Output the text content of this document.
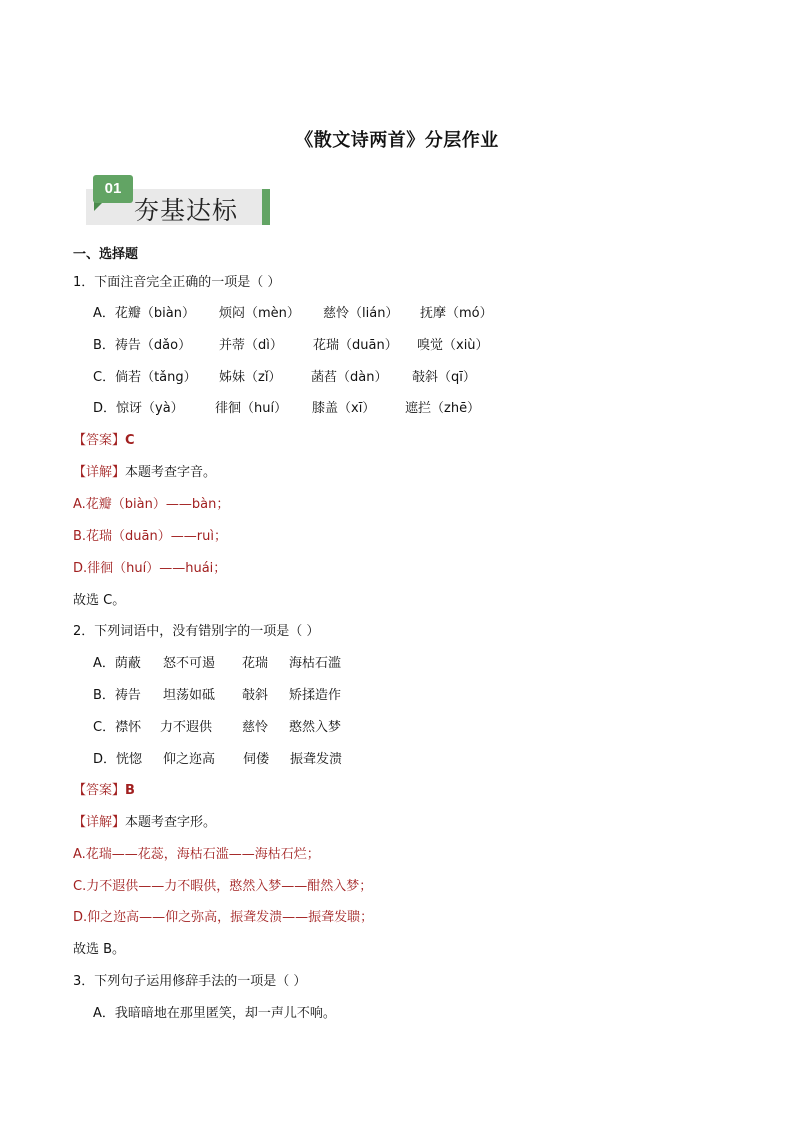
《散文诗两首》分层作业
01
夯基达标
一、选择题
1．下面注音完全正确的一项是（ ）
A．花瓣（biàn） 烦闷（mèn） 慈怜（lián） 抚摩（mó）
B．祷告（dǎo） 并蒂（dì） 花瑞（duān） 嗅觉（xiù）
C．倘若（tǎng） 姊妹（zǐ） 菡萏（dàn） 攲斜（qī）
D．惊讶（yà） 徘徊（huí） 膝盖（xī） 遮拦（zhē）
【答案】C
【详解】本题考查字音。
A.花瓣（biàn）——bàn；
B.花瑞（duān）——ruì；
D.徘徊（huí）——huái；
故选 C。
2．下列词语中，没有错别字的一项是（ ）
A．荫蔽 怒不可遏 花瑞 海枯石滥
B．祷告 坦荡如砥 攲斜 矫揉造作
C．襟怀 力不遐供 慈怜 憨然入梦
D．恍惚 仰之迩高 伺偻 振聋发溃
【答案】B
【详解】本题考查字形。
A.花瑞——花蕊，海枯石滥——海枯石烂；
C.力不遐供——力不暇供，憨然入梦——酣然入梦；
D.仰之迩高——仰之弥高，振聋发溃——振聋发聩；
故选 B。
3．下列句子运用修辞手法的一项是（ ）
A．我暗暗地在那里匿笑，却一声儿不响。
